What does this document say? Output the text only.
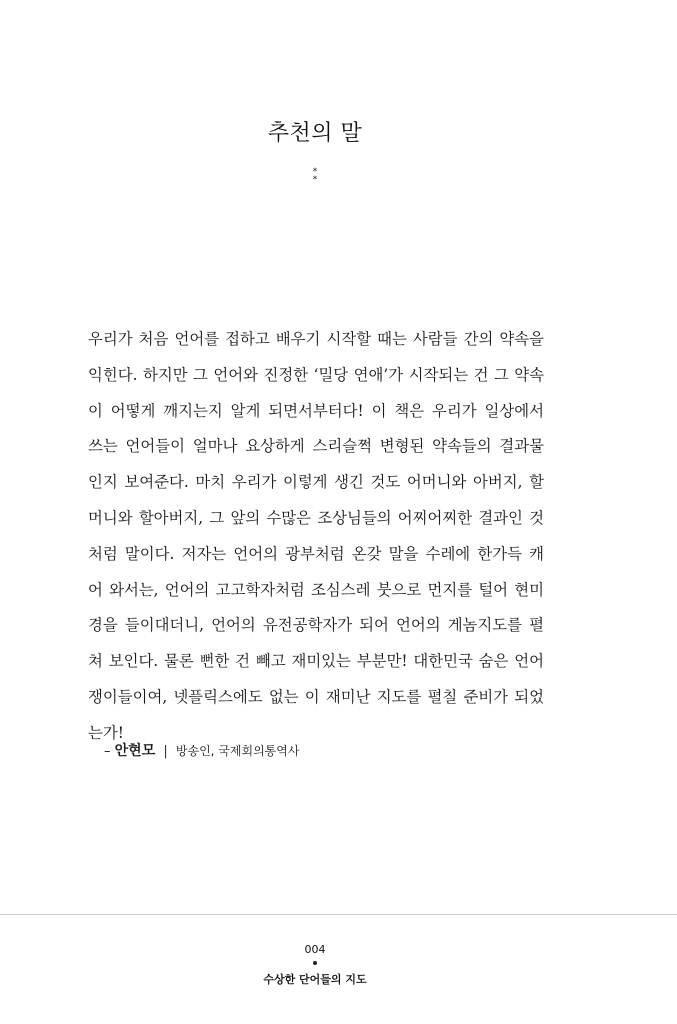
추천의 말
*
*
우리가 처음 언어를 접하고 배우기 시작할 때는 사람들 간의 약속을
익힌다. 하지만 그 언어와 진정한 ‘밀당 연애’가 시작되는 건 그 약속
이 어떻게 깨지는지 알게 되면서부터다! 이 책은 우리가 일상에서
쓰는 언어들이 얼마나 요상하게 스리슬쩍 변형된 약속들의 결과물
인지 보여준다. 마치 우리가 이렇게 생긴 것도 어머니와 아버지, 할
머니와 할아버지, 그 앞의 수많은 조상님들의 어찌어찌한 결과인 것
처럼 말이다. 저자는 언어의 광부처럼 온갖 말을 수레에 한가득 캐
어 와서는, 언어의 고고학자처럼 조심스레 붓으로 먼지를 털어 현미
경을 들이대더니, 언어의 유전공학자가 되어 언어의 게놈지도를 펼
쳐 보인다. 물론 뻔한 건 빼고 재미있는 부분만! 대한민국 숨은 언어
쟁이들이여, 넷플릭스에도 없는 이 재미난 지도를 펼칠 준비가 되었
는가!
– 안현모 | 방송인, 국제회의통역사
004
수상한 단어들의 지도
